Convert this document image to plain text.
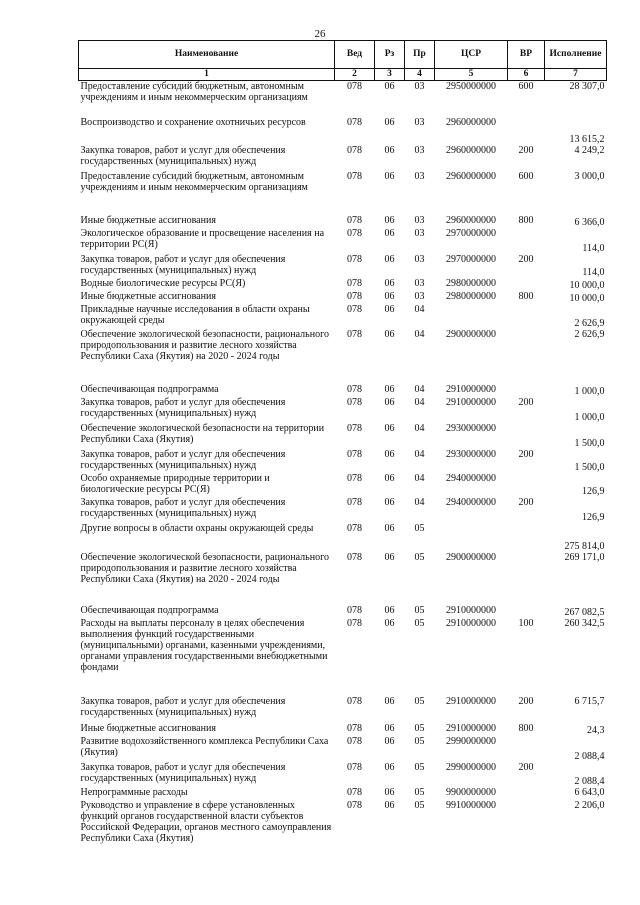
26
Наименование	Вед	Рз	Пр	ЦСР	ВР	Исполнение
1	2	3	4	5	6	7
Предоставление субсидий бюджетным, автономным учреждениям и иным некоммерческим организациям	078	06	03	2950000000	600	28 307,0
Воспроизводство и сохранение охотничьих ресурсов	078	06	03	2960000000		13 615,2
Закупка товаров, работ и услуг для обеспечения государственных (муниципальных) нужд	078	06	03	2960000000	200	4 249,2
Предоставление субсидий бюджетным, автономным учреждениям и иным некоммерческим организациям	078	06	03	2960000000	600	3 000,0
Иные бюджетные ассигнования	078	06	03	2960000000	800	6 366,0
Экологическое образование и просвещение населения на территории РС(Я)	078	06	03	2970000000		114,0
Закупка товаров, работ и услуг для обеспечения государственных (муниципальных) нужд	078	06	03	2970000000	200	114,0
Водные биологические ресурсы РС(Я)	078	06	03	2980000000		10 000,0
Иные бюджетные ассигнования	078	06	03	2980000000	800	10 000,0
Прикладные научные исследования в области охраны окружающей среды	078	06	04			2 626,9
Обеспечение экологической безопасности, рационального природопользования и развитие лесного хозяйства Республики Саха (Якутия) на 2020 - 2024 годы	078	06	04	2900000000		2 626,9
Обеспечивающая подпрограмма	078	06	04	2910000000		1 000,0
Закупка товаров, работ и услуг для обеспечения государственных (муниципальных) нужд	078	06	04	2910000000	200	1 000,0
Обеспечение экологической безопасности на территории Республики Саха (Якутия)	078	06	04	2930000000		1 500,0
Закупка товаров, работ и услуг для обеспечения государственных (муниципальных) нужд	078	06	04	2930000000	200	1 500,0
Особо охраняемые природные территории и биологические ресурсы РС(Я)	078	06	04	2940000000		126,9
Закупка товаров, работ и услуг для обеспечения государственных (муниципальных) нужд	078	06	04	2940000000	200	126,9
Другие вопросы в области охраны окружающей среды	078	06	05			275 814,0
Обеспечение экологической безопасности, рационального природопользования и развитие лесного хозяйства Республики Саха (Якутия) на 2020 - 2024 годы	078	06	05	2900000000		269 171,0
Обеспечивающая подпрограмма	078	06	05	2910000000		267 082,5
Расходы на выплаты персоналу в целях обеспечения выполнения функций государственными (муниципальными) органами, казенными учреждениями, органами управления государственными внебюджетными фондами	078	06	05	2910000000	100	260 342,5
Закупка товаров, работ и услуг для обеспечения государственных (муниципальных) нужд	078	06	05	2910000000	200	6 715,7
Иные бюджетные ассигнования	078	06	05	2910000000	800	24,3
Развитие водохозяйственного комплекса Республики Саха (Якутия)	078	06	05	2990000000		2 088,4
Закупка товаров, работ и услуг для обеспечения государственных (муниципальных) нужд	078	06	05	2990000000	200	2 088,4
Непрограммные расходы	078	06	05	9900000000		6 643,0
Руководство и управление в сфере установленных функций органов государственной власти субъектов Российской Федерации, органов местного самоуправления Республики Саха (Якутия)	078	06	05	9910000000		2 206,0
